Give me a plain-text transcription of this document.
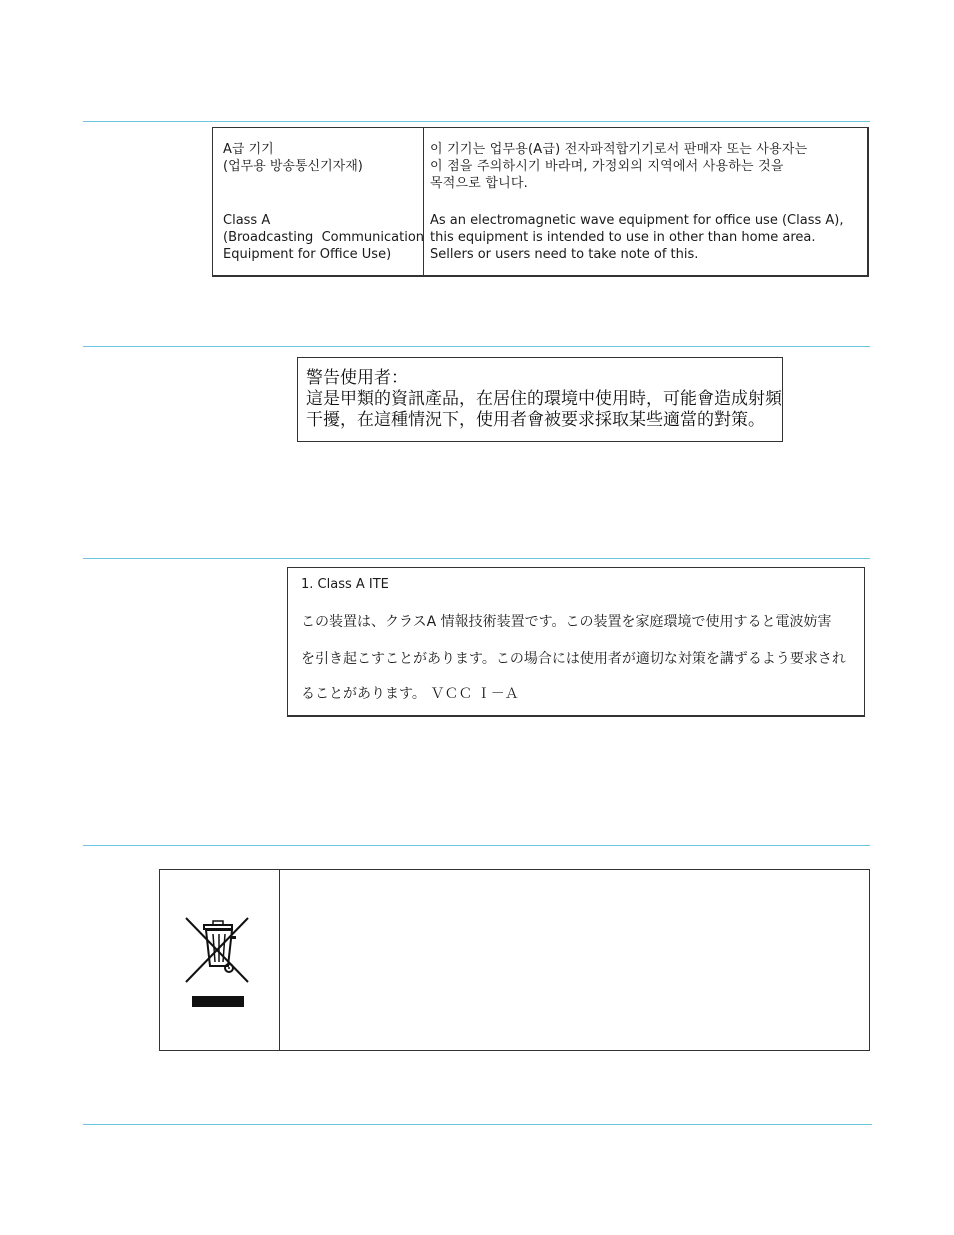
A급 기기
(업무용 방송통신기자재)
Class A
(Broadcasting  Communication
Equipment for Office Use)
이 기기는 업무용(A급) 전자파적합기기로서 판매자 또는 사용자는
이 점을 주의하시기 바라며, 가정외의 지역에서 사용하는 것을
목적으로 합니다.
As an electromagnetic wave equipment for office use (Class A),
this equipment is intended to use in other than home area.
Sellers or users need to take note of this.
警告使用者：
這是甲類的資訊產品，在居住的環境中使用時，可能會造成射頻
干擾，在這種情況下，使用者會被要求採取某些適當的對策。
1. Class A ITE
この装置は、クラスA 情報技術装置です。この装置を家庭環境で使用すると電波妨害
を引き起こすことがあります。この場合には使用者が適切な対策を講ずるよう要求され
ることがあります。 ＶＣＣ Ｉ－Ａ
